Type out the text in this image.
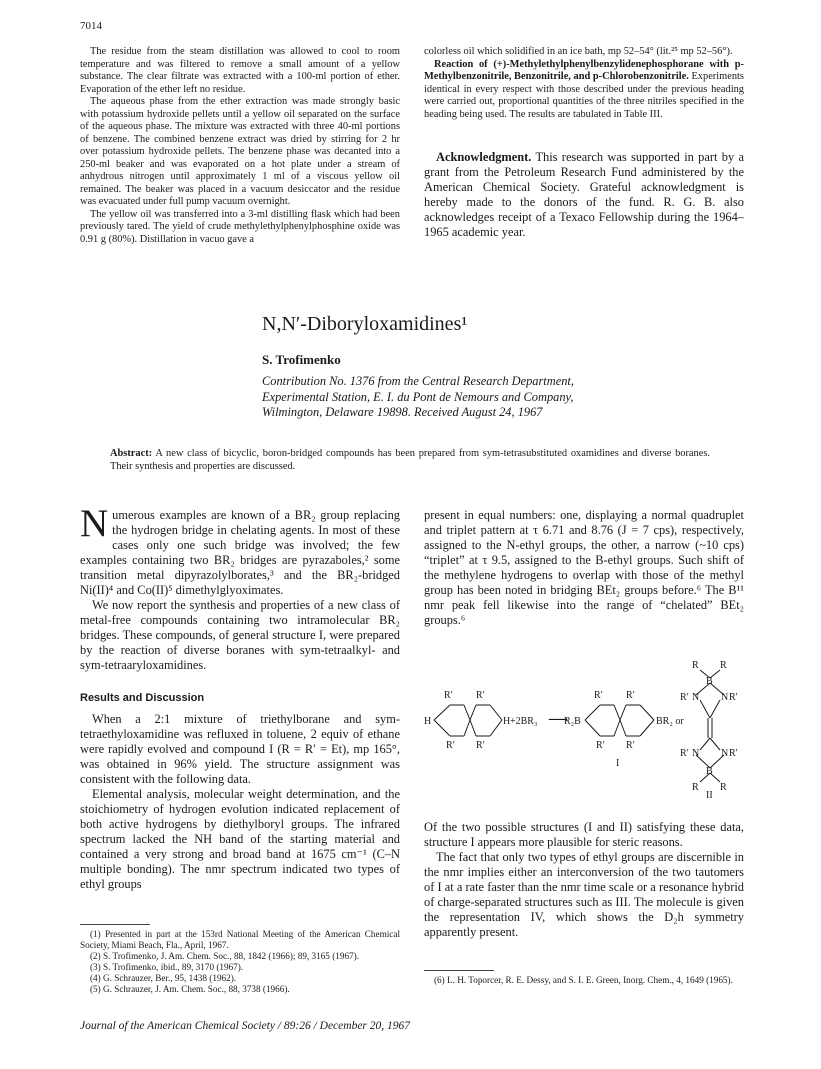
7014

The residue from the steam distillation was allowed to cool to room temperature and was filtered to remove a small amount of a yellow substance. The clear filtrate was extracted with a 100-ml portion of ether. Evaporation of the ether left no residue.

The aqueous phase from the ether extraction was made strongly basic with potassium hydroxide pellets until a yellow oil separated on the surface of the aqueous phase. The mixture was extracted with three 40-ml portions of benzene. The combined benzene extract was dried by stirring for 2 hr over potassium hydroxide pellets. The benzene phase was decanted into a 250-ml beaker and was evaporated on a hot plate under a stream of anhydrous nitrogen until approximately 1 ml of a viscous yellow oil remained. The beaker was placed in a vacuum desiccator and the residue was evacuated under full pump vacuum overnight.

The yellow oil was transferred into a 3-ml distilling flask which had been previously tared. The yield of crude methylethylphenylphosphine oxide was 0.91 g (80%). Distillation in vacuo gave a

colorless oil which solidified in an ice bath, mp 52–54° (lit.²⁵ mp 52–56°).

Reaction of (+)-Methylethylphenylbenzylidenephosphorane with p-Methylbenzonitrile, Benzonitrile, and p-Chlorobenzonitrile. Experiments identical in every respect with those described under the previous heading were carried out, proportional quantities of the three nitriles specified in the heading being used. The results are tabulated in Table III.

Acknowledgment. This research was supported in part by a grant from the Petroleum Research Fund administered by the American Chemical Society. Grateful acknowledgment is hereby made to the donors of the fund. R. G. B. also acknowledges receipt of a Texaco Fellowship during the 1964–1965 academic year.

N,N′-Diboryloxamidines¹
S. Trofimenko
Contribution No. 1376 from the Central Research Department,
Experimental Station, E. I. du Pont de Nemours and Company,
Wilmington, Delaware 19898. Received August 24, 1967
Abstract: A new class of bicyclic, boron-bridged compounds has been prepared from sym-tetrasubstituted oxamidines and diverse boranes. Their synthesis and properties are discussed.

Numerous examples are known of a BR₂ group replacing the hydrogen bridge in chelating agents. In most of these cases only one such bridge was involved; the few examples containing two BR₂ bridges are pyrazaboles,² some transition metal dipyrazolylborates,³ and the BR₂-bridged Ni(II)⁴ and Co(II)⁵ dimethylglyoximates.

We now report the synthesis and properties of a new class of metal-free compounds containing two intramolecular BR₂ bridges. These compounds, of general structure I, were prepared by the reaction of diverse boranes with sym-tetraalkyl- and sym-tetraaryloxamidines.

Results and Discussion

When a 2:1 mixture of triethylborane and sym-tetraethyloxamidine was refluxed in toluene, 2 equiv of ethane were rapidly evolved and compound I (R = R′ = Et), mp 165°, was obtained in 96% yield. The structure assignment was consistent with the following data.

Elemental analysis, molecular weight determination, and the stoichiometry of hydrogen evolution indicated replacement of both active hydrogens by diethylboryl groups. The infrared spectrum lacked the NH band of the starting material and contained a very strong and broad band at 1675 cm⁻¹ (C–N multiple bonding). The nmr spectrum indicated two types of ethyl groups

(1) Presented in part at the 153rd National Meeting of the American Chemical Society, Miami Beach, Fla., April, 1967.

(2) S. Trofimenko, J. Am. Chem. Soc., 88, 1842 (1966); 89, 3165 (1967).

(3) S. Trofimenko, ibid., 89, 3170 (1967).

(4) G. Schrauzer, Ber., 95, 1438 (1962).

(5) G. Schrauzer, J. Am. Chem. Soc., 88, 3738 (1966).

present in equal numbers: one, displaying a normal quadruplet and triplet pattern at τ 6.71 and 8.76 (J = 7 cps), respectively, assigned to the N-ethyl groups, the other, a narrow (~10 cps) “triplet” at τ 9.5, assigned to the B-ethyl groups. Such shift of the methylene hydrogens to overlap with those of the methyl group has been noted in bridging BEt₂ groups before.⁶ The B¹¹ nmr peak fell likewise into the range of “chelated” BEt₂ groups.⁶

R′ R′
H	H
R′ R′
+2BR₃ ⟶
R₂B
R′ R′
BR₂ or
R′ R′
I
R R
B
R′ N N R′
R′ N N R′
B
R R
II

Of the two possible structures (I and II) satisfying these data, structure I appears more plausible for steric reasons.

The fact that only two types of ethyl groups are discernible in the nmr implies either an interconversion of the two tautomers of I at a rate faster than the nmr time scale or a resonance hybrid of charge-separated structures such as III. The molecule is given the representation IV, which shows the D₂h symmetry apparently present.

(6) L. H. Toporcer, R. E. Dessy, and S. I. E. Green, Inorg. Chem., 4, 1649 (1965).

Journal of the American Chemical Society / 89:26 / December 20, 1967
